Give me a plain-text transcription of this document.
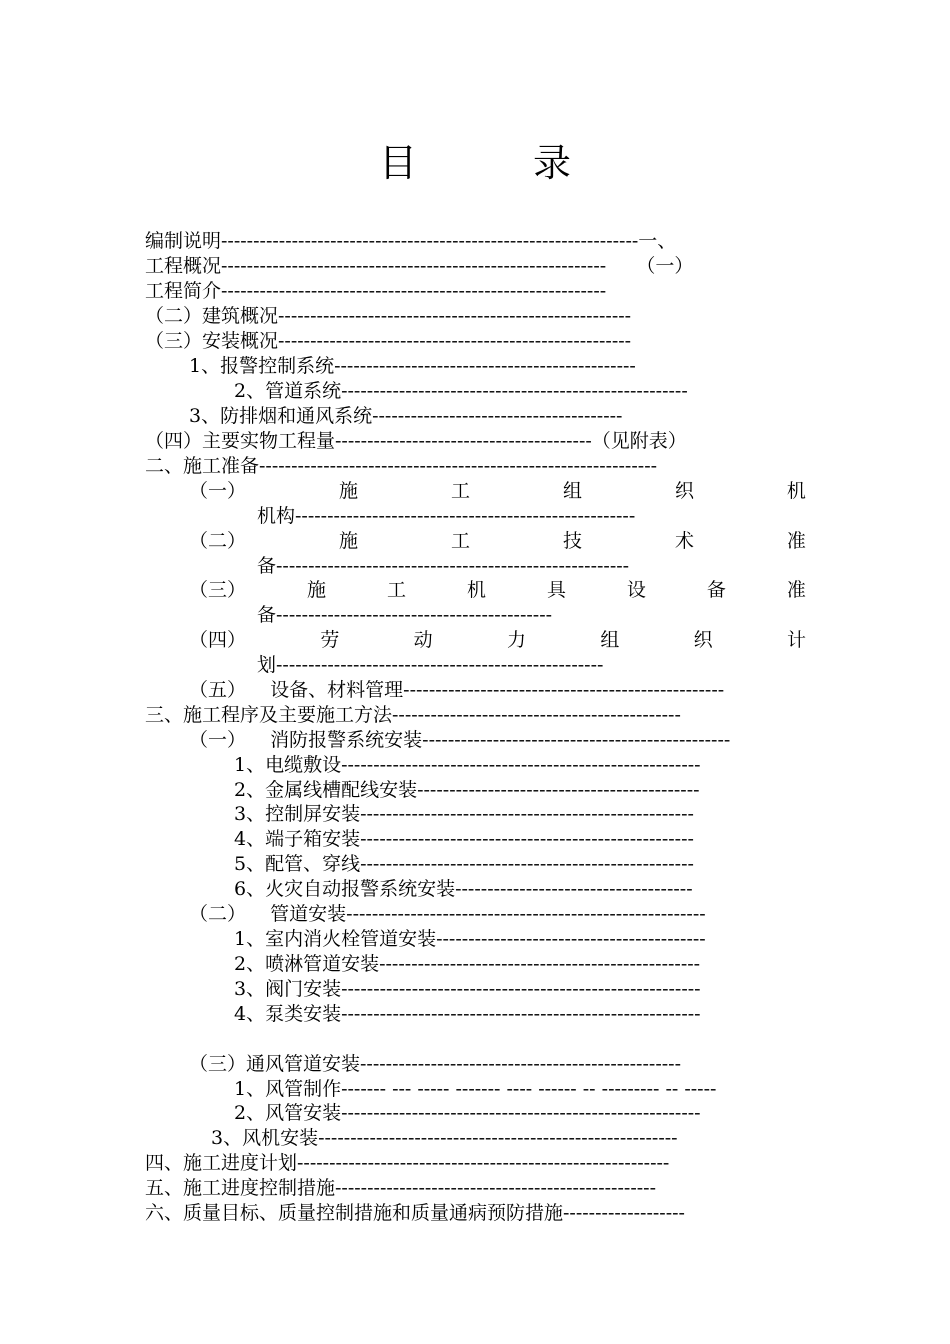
目 录
编制说明-----------------------------------------------------------------一、
工程概况------------------------------------------------------------     （一）
工程简介------------------------------------------------------------
（二）建筑概况-------------------------------------------------------
（三）安装概况-------------------------------------------------------
1、报警控制系统-----------------------------------------------
2、管道系统------------------------------------------------------
3、防排烟和通风系统---------------------------------------
（四）主要实物工程量----------------------------------------（见附表）
二、施工准备--------------------------------------------------------------
（一）	施	工	组	织	机
机构-----------------------------------------------------
（二）	施	工	技	术	准
备-------------------------------------------------------
（三）	施	工	机	具	设	备	准
备-------------------------------------------
（四）	劳	动	力	组	织	计
划---------------------------------------------------
（五）    设备、材料管理--------------------------------------------------
三、施工程序及主要施工方法---------------------------------------------
（一）    消防报警系统安装------------------------------------------------
1、电缆敷设--------------------------------------------------------
2、金属线槽配线安装--------------------------------------------
3、控制屏安装----------------------------------------------------
4、端子箱安装----------------------------------------------------
5、配管、穿线----------------------------------------------------
6、火灾自动报警系统安装-------------------------------------
（二）    管道安装--------------------------------------------------------
1、室内消火栓管道安装------------------------------------------
2、喷淋管道安装--------------------------------------------------
3、阀门安装--------------------------------------------------------
4、泵类安装--------------------------------------------------------
（三）通风管道安装--------------------------------------------------
1、风管制作------- --- ----- ------- ---- ------ -- --------- -- -----
2、风管安装--------------------------------------------------------
3、风机安装--------------------------------------------------------
四、施工进度计划----------------------------------------------------------
五、施工进度控制措施--------------------------------------------------
六、质量目标、质量控制措施和质量通病预防措施-------------------
